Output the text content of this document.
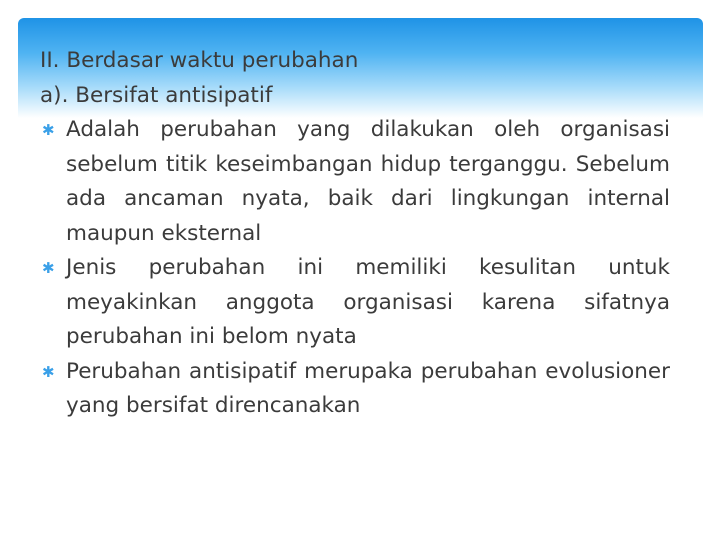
II. Berdasar waktu perubahan

a). Bersifat antisipatif

✱ Adalah perubahan yang dilakukan oleh organisasi sebelum titik keseimbangan hidup terganggu. Sebelum ada ancaman nyata, baik dari lingkungan internal maupun eksternal
✱ Jenis perubahan ini memiliki kesulitan untuk meyakinkan anggota organisasi karena sifatnya perubahan ini belom nyata
✱ Perubahan antisipatif merupaka perubahan evolusioner yang bersifat direncanakan
